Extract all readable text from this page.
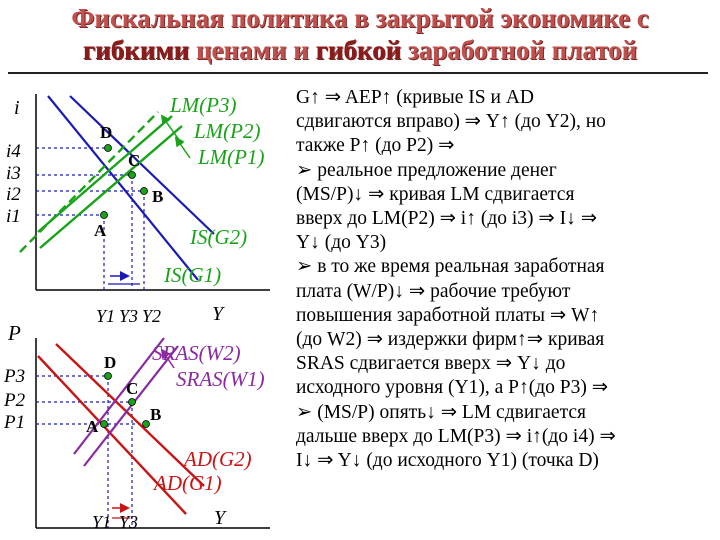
Фискальная политика в закрытой экономике с
гибкими ценами и гибкой заработной платой
i
i4
i3
i2
i1
Y
Y1 Y3 Y2
LM(P3)
LM(P2)
LM(P1)
IS(G2)
IS(G1)
D
C
B
A
P
P3
P2
P1
Y
Y1 Y3
SRAS(W2)
SRAS(W1)
AD(G2)
AD(G1)
D
C
A
B

G↑ ⇒ AEP↑ (кривые IS и AD

сдвигаются вправо) ⇒ Y↑ (до Y2), но

также P↑ (до P2) ⇒

➢ реальное предложение денег

(MS/P)↓ ⇒ кривая LM сдвигается

вверх до LM(P2) ⇒ i↑ (до i3) ⇒ I↓ ⇒

Y↓ (до Y3)

➢ в то же время реальная заработная

плата (W/P)↓ ⇒ рабочие требуют

повышения заработной платы ⇒ W↑

(до W2) ⇒ издержки фирм↑⇒ кривая

SRAS сдвигается вверх ⇒ Y↓ до

исходного уровня (Y1), а P↑(до P3) ⇒

➢ (MS/P) опять↓ ⇒ LM сдвигается

дальше вверх до LM(P3) ⇒ i↑(до i4) ⇒

I↓ ⇒ Y↓ (до исходного Y1) (точка D)
